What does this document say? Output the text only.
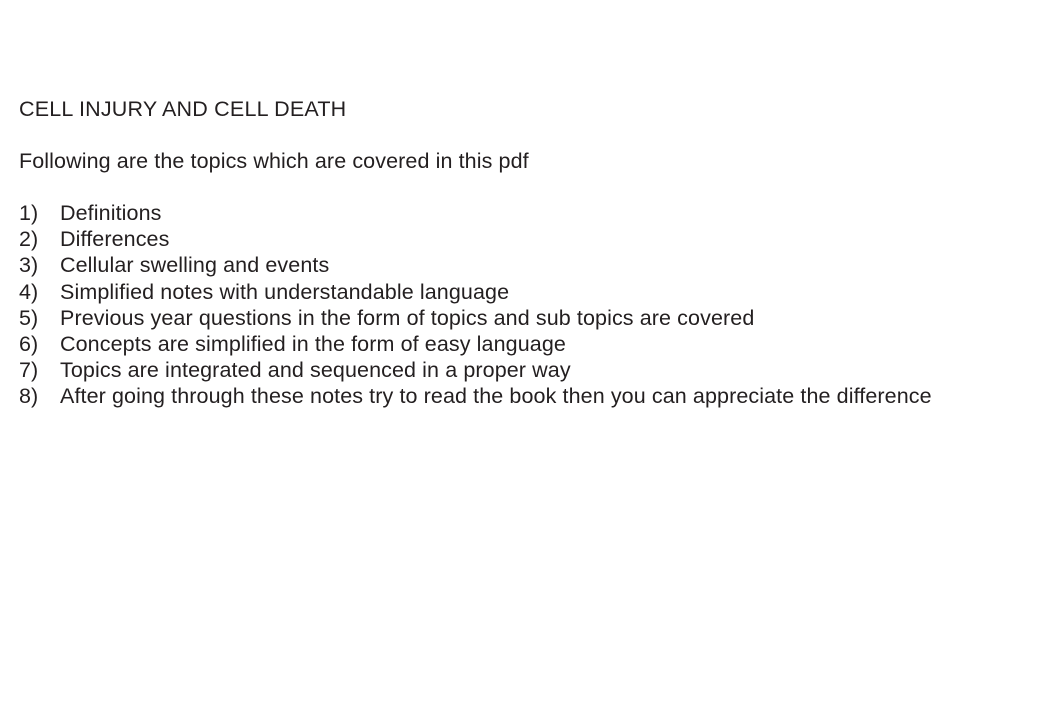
CELL INJURY AND CELL DEATH

Following are the topics which are covered in this pdf

1)	Definitions
2)	Differences
3)	Cellular swelling and events
4)	Simplified notes with understandable language
5)	Previous year questions in the form of topics and sub topics are covered
6)	Concepts are simplified in the form of easy language
7)	Topics are integrated and sequenced in a proper way
8)	After going through these notes try to read the book then you can appreciate the difference
